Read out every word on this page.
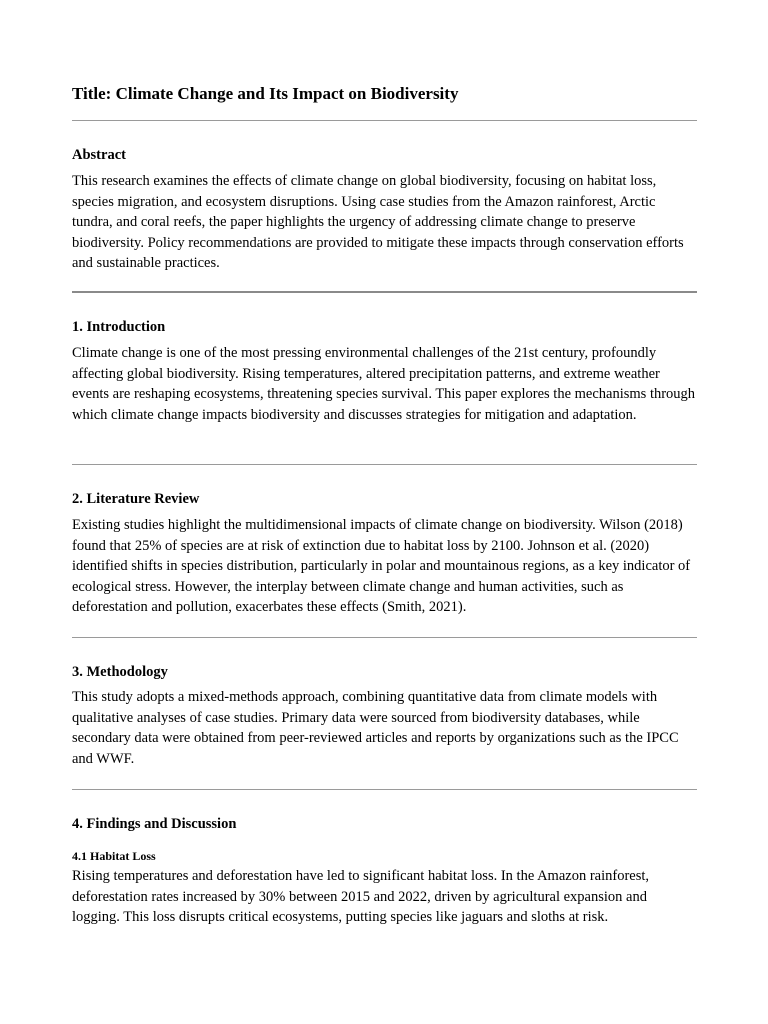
Title: Climate Change and Its Impact on Biodiversity
Abstract

This research examines the effects of climate change on global biodiversity, focusing on habitat loss, species migration, and ecosystem disruptions. Using case studies from the Amazon rainforest, Arctic tundra, and coral reefs, the paper highlights the urgency of addressing climate change to preserve biodiversity. Policy recommendations are provided to mitigate these impacts through conservation efforts and sustainable practices.

1. Introduction

Climate change is one of the most pressing environmental challenges of the 21st century, profoundly affecting global biodiversity. Rising temperatures, altered precipitation patterns, and extreme weather events are reshaping ecosystems, threatening species survival. This paper explores the mechanisms through which climate change impacts biodiversity and discusses strategies for mitigation and adaptation.

2. Literature Review

Existing studies highlight the multidimensional impacts of climate change on biodiversity. Wilson (2018) found that 25% of species are at risk of extinction due to habitat loss by 2100. Johnson et al. (2020) identified shifts in species distribution, particularly in polar and mountainous regions, as a key indicator of ecological stress. However, the interplay between climate change and human activities, such as deforestation and pollution, exacerbates these effects (Smith, 2021).

3. Methodology

This study adopts a mixed-methods approach, combining quantitative data from climate models with qualitative analyses of case studies. Primary data were sourced from biodiversity databases, while secondary data were obtained from peer-reviewed articles and reports by organizations such as the IPCC and WWF.

4. Findings and Discussion
4.1 Habitat Loss

Rising temperatures and deforestation have led to significant habitat loss. In the Amazon rainforest, deforestation rates increased by 30% between 2015 and 2022, driven by agricultural expansion and logging. This loss disrupts critical ecosystems, putting species like jaguars and sloths at risk.
